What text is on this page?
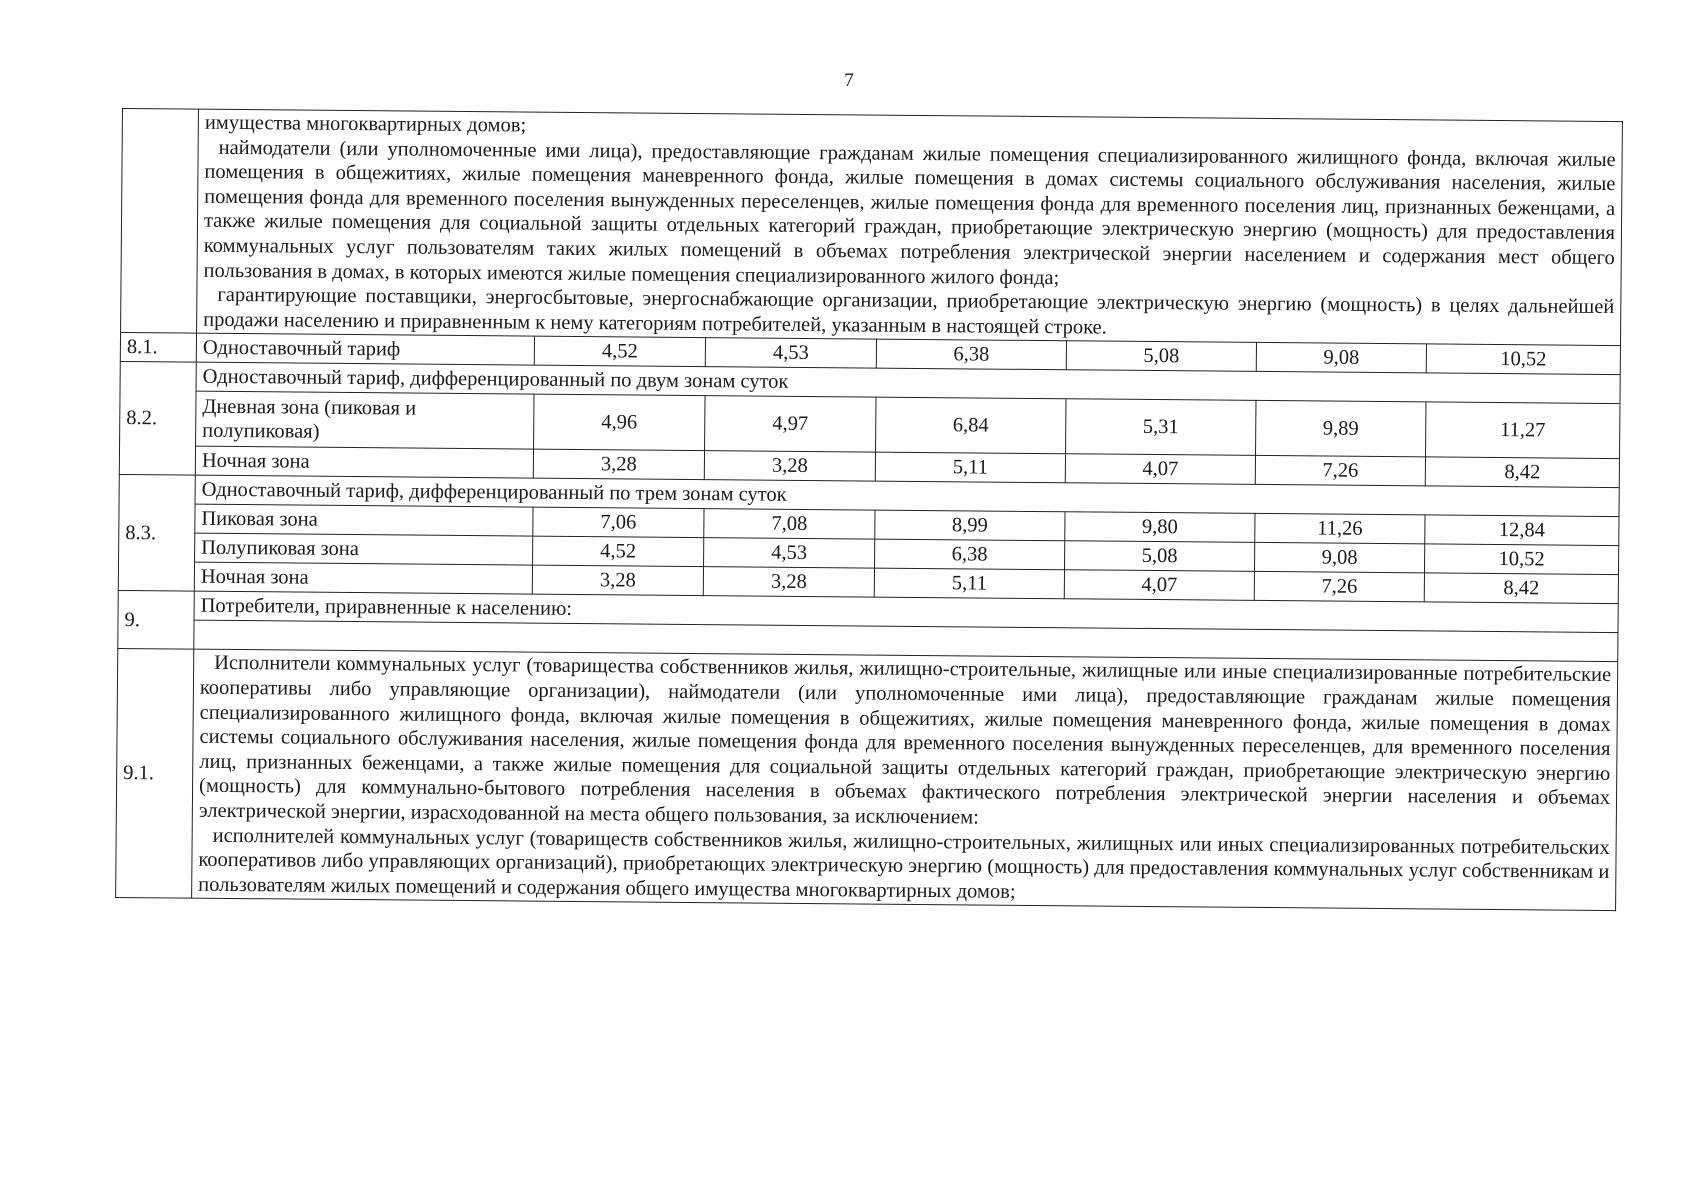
7

	имущества многоквартирных домов;

наймодатели (или уполномоченные ими лица), предоставляющие гражданам жилые помещения специализированного жилищного фонда, включая жилые помещения в общежитиях, жилые помещения маневренного фонда, жилые помещения в домах системы социального обслуживания населения, жилые помещения фонда для временного поселения вынужденных переселенцев, жилые помещения фонда для временного поселения лиц, признанных беженцами, а также жилые помещения для социальной защиты отдельных категорий граждан, приобретающие электрическую энергию (мощность) для предоставления коммунальных услуг пользователям таких жилых помещений в объемах потребления электрической энергии населением и содержания мест общего пользования в домах, в которых имеются жилые помещения специализированного жилого фонда;

гарантирующие поставщики, энергосбытовые, энергоснабжающие организации, приобретающие электрическую энергию (мощность) в целях дальнейшей продажи населению и приравненным к нему категориям потребителей, указанным в настоящей строке.						

8.1.	Одноставочный тариф	4,52	4,53	6,38	5,08	9,08	10,52
8.2.	Одноставочный тариф, дифференцированный по двум зонам суток						
	Дневная зона (пиковая и полупиковая)	4,96	4,97	6,84	5,31	9,89	11,27
	Ночная зона	3,28	3,28	5,11	4,07	7,26	8,42
8.3.	Одноставочный тариф, дифференцированный по трем зонам суток						
	Пиковая зона	7,06	7,08	8,99	9,80	11,26	12,84
	Полупиковая зона	4,52	4,53	6,38	5,08	9,08	10,52
	Ночная зона	3,28	3,28	5,11	4,07	7,26	8,42
9.	Потребители, приравненные к населению:						

9.1.	Исполнители коммунальных услуг (товарищества собственников жилья, жилищно-строительные, жилищные или иные специализированные потребительские кооперативы либо управляющие организации), наймодатели (или уполномоченные ими лица), предоставляющие гражданам жилые помещения специализированного жилищного фонда, включая жилые помещения в общежитиях, жилые помещения маневренного фонда, жилые помещения в домах системы социального обслуживания населения, жилые помещения фонда для временного поселения вынужденных переселенцев, для временного поселения лиц, признанных беженцами, а также жилые помещения для социальной защиты отдельных категорий граждан, приобретающие электрическую энергию (мощность) для коммунально-бытового потребления населения в объемах фактического потребления электрической энергии населения и объемах электрической энергии, израсходованной на места общего пользования, за исключением:

исполнителей коммунальных услуг (товариществ собственников жилья, жилищно-строительных, жилищных или иных специализированных потребительских кооперативов либо управляющих организаций), приобретающих электрическую энергию (мощность) для предоставления коммунальных услуг собственникам и пользователям жилых помещений и содержания общего имущества многоквартирных домов;						
